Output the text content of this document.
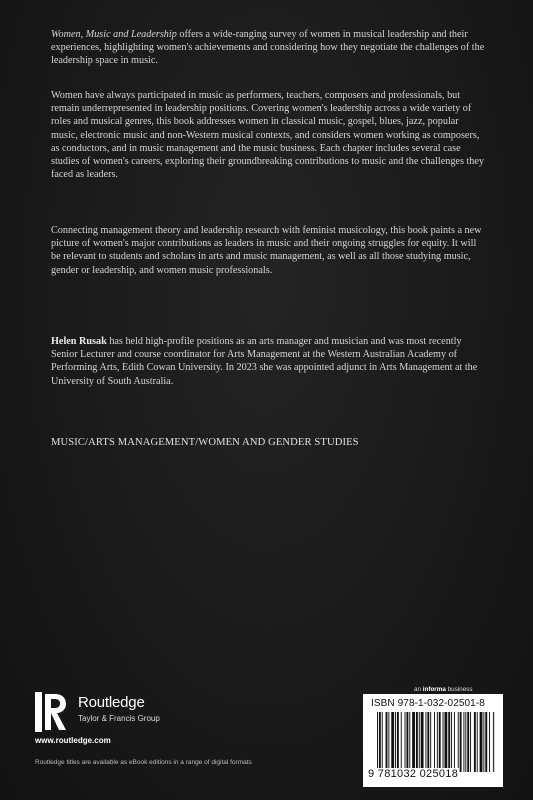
Women, Music and Leadership offers a wide-ranging survey of women in musical leadership and their experiences, highlighting women's achievements and considering how they negotiate the challenges of the leadership space in music.

Women have always participated in music as performers, teachers, composers and professionals, but remain underrepresented in leadership positions. Covering women's leadership across a wide variety of roles and musical genres, this book addresses women in classical music, gospel, blues, jazz, popular music, electronic music and non-Western musical contexts, and considers women working as composers, as conductors, and in music management and the music business. Each chapter includes several case studies of women's careers, exploring their groundbreaking contributions to music and the challenges they faced as leaders.

Connecting management theory and leadership research with feminist musicology, this book paints a new picture of women's major contributions as leaders in music and their ongoing struggles for equity. It will be relevant to students and scholars in arts and music management, as well as all those studying music, gender or leadership, and women music professionals.

Helen Rusak has held high-profile positions as an arts manager and musician and was most recently Senior Lecturer and course coordinator for Arts Management at the Western Australian Academy of Performing Arts, Edith Cowan University. In 2023 she was appointed adjunct in Arts Management at the University of South Australia.

MUSIC/ARTS MANAGEMENT/WOMEN AND GENDER STUDIES

an informa business
Routledge
Taylor & Francis Group
www.routledge.com
Routledge titles are available as eBook editions in a range of digital formats
ISBN 978-1-032-02501-8
9 781032 025018
